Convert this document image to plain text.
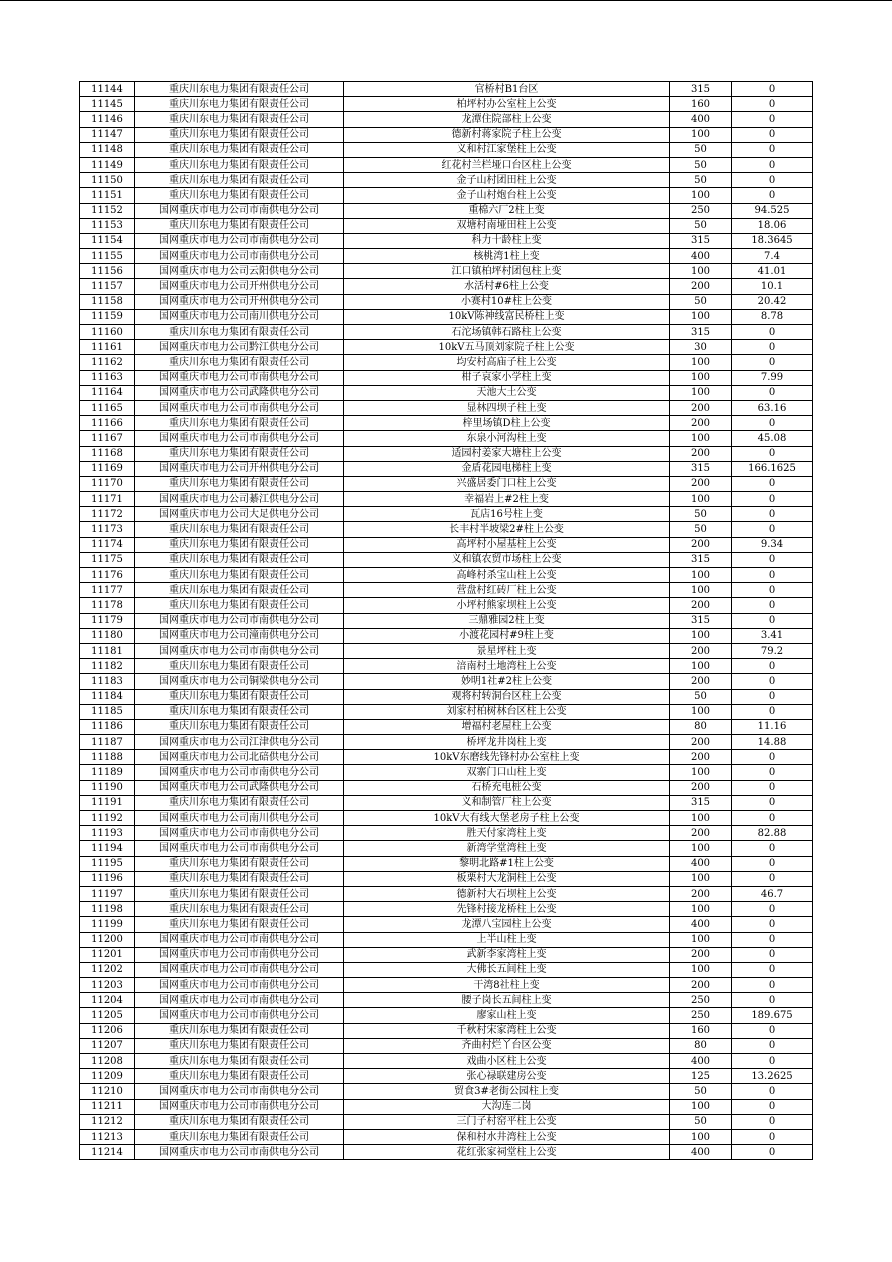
11144	重庆川东电力集团有限责任公司	官桥村B1台区	315	0
11145	重庆川东电力集团有限责任公司	柏坪村办公室柱上公变	160	0
11146	重庆川东电力集团有限责任公司	龙潭住院部柱上公变	400	0
11147	重庆川东电力集团有限责任公司	德新村蒋家院子柱上公变	100	0
11148	重庆川东电力集团有限责任公司	义和村江家堡柱上公变	50	0
11149	重庆川东电力集团有限责任公司	红花村兰栏垭口台区柱上公变	50	0
11150	重庆川东电力集团有限责任公司	金子山村团田柱上公变	50	0
11151	重庆川东电力集团有限责任公司	金子山村炮台柱上公变	100	0
11152	国网重庆市电力公司市南供电分公司	重棉六厂2柱上变	250	94.525
11153	重庆川东电力集团有限责任公司	双塘村南垭田柱上公变	50	18.06
11154	国网重庆市电力公司市南供电分公司	科力十龄柱上变	315	18.3645
11155	国网重庆市电力公司市南供电分公司	核桃湾1柱上变	400	7.4
11156	国网重庆市电力公司云阳供电分公司	江口镇柏坪村团包柱上变	100	41.01
11157	国网重庆市电力公司开州供电分公司	水活村#6柱上公变	200	10.1
11158	国网重庆市电力公司开州供电分公司	小赛村10#柱上公变	50	20.42
11159	国网重庆市电力公司南川供电分公司	10kV陈神线富民桥柱上变	100	8.78
11160	重庆川东电力集团有限责任公司	石沱场镇韩石路柱上公变	315	0
11161	国网重庆市电力公司黔江供电分公司	10kV五马顶刘家院子柱上公变	30	0
11162	重庆川东电力集团有限责任公司	均安村高庙子柱上公变	100	0
11163	国网重庆市电力公司市南供电分公司	柑子哀家小学柱上变	100	7.99
11164	国网重庆市电力公司武隆供电分公司	天池大土公变	100	0
11165	国网重庆市电力公司市南供电分公司	显林四坝子柱上变	200	63.16
11166	重庆川东电力集团有限责任公司	梓里场镇D柱上公变	200	0
11167	国网重庆市电力公司市南供电分公司	东泉小河沟柱上变	100	45.08
11168	重庆川东电力集团有限责任公司	适园村姜家大塘柱上公变	200	0
11169	国网重庆市电力公司开州供电分公司	金盾花园电梯柱上变	315	166.1625
11170	重庆川东电力集团有限责任公司	兴盛居委门口柱上公变	200	0
11171	国网重庆市电力公司綦江供电分公司	幸福岩上#2柱上变	100	0
11172	国网重庆市电力公司大足供电分公司	瓦店16号柱上变	50	0
11173	重庆川东电力集团有限责任公司	长丰村半坡梁2#柱上公变	50	0
11174	重庆川东电力集团有限责任公司	高坪村小屋基柱上公变	200	9.34
11175	重庆川东电力集团有限责任公司	义和镇农贸市场柱上公变	315	0
11176	重庆川东电力集团有限责任公司	高峰村杀宝山柱上公变	100	0
11177	重庆川东电力集团有限责任公司	营盘村红砖厂柱上公变	100	0
11178	重庆川东电力集团有限责任公司	小坪村熊家坝柱上公变	200	0
11179	国网重庆市电力公司市南供电分公司	三鼎雅园2柱上变	315	0
11180	国网重庆市电力公司潼南供电分公司	小渡花园村#9柱上变	100	3.41
11181	国网重庆市电力公司市南供电分公司	景星坪柱上变	200	79.2
11182	重庆川东电力集团有限责任公司	涪南村土地湾柱上公变	100	0
11183	国网重庆市电力公司铜梁供电分公司	妙明1社#2柱上公变	200	0
11184	重庆川东电力集团有限责任公司	观将村转洞台区柱上公变	50	0
11185	重庆川东电力集团有限责任公司	刘家村柏树林台区柱上公变	100	0
11186	重庆川东电力集团有限责任公司	增福村老屋柱上公变	80	11.16
11187	国网重庆市电力公司江津供电分公司	桥坪龙井岗柱上变	200	14.88
11188	国网重庆市电力公司北碚供电分公司	10kV东磨线先锋村办公室柱上变	200	0
11189	国网重庆市电力公司市南供电分公司	双寨门口山柱上变	100	0
11190	国网重庆市电力公司武隆供电分公司	石桥充电桩公变	200	0
11191	重庆川东电力集团有限责任公司	义和制管厂柱上公变	315	0
11192	国网重庆市电力公司南川供电分公司	10kV大有线大堡老房子柱上公变	100	0
11193	国网重庆市电力公司市南供电分公司	胜天付家湾柱上变	200	82.88
11194	国网重庆市电力公司市南供电分公司	新湾学堂湾柱上变	100	0
11195	重庆川东电力集团有限责任公司	黎明北路#1柱上公变	400	0
11196	重庆川东电力集团有限责任公司	板栗村大龙洞柱上公变	100	0
11197	重庆川东电力集团有限责任公司	德新村大石坝柱上公变	200	46.7
11198	重庆川东电力集团有限责任公司	先锋村接龙桥柱上公变	100	0
11199	重庆川东电力集团有限责任公司	龙潭八宝园柱上公变	400	0
11200	国网重庆市电力公司市南供电分公司	上半山柱上变	100	0
11201	国网重庆市电力公司市南供电分公司	武新李家湾柱上变	200	0
11202	国网重庆市电力公司市南供电分公司	大佛长五间柱上变	100	0
11203	国网重庆市电力公司市南供电分公司	干湾8社柱上变	200	0
11204	国网重庆市电力公司市南供电分公司	腰子岗长五间柱上变	250	0
11205	国网重庆市电力公司市南供电分公司	廖家山柱上变	250	189.675
11206	重庆川东电力集团有限责任公司	千秋村宋家湾柱上公变	160	0
11207	重庆川东电力集团有限责任公司	齐曲村烂丫台区公变	80	0
11208	重庆川东电力集团有限责任公司	戏曲小区柱上公变	400	0
11209	重庆川东电力集团有限责任公司	张心禄联建房公变	125	13.2625
11210	国网重庆市电力公司市南供电分公司	贸食3#老街公园柱上变	50	0
11211	国网重庆市电力公司市南供电分公司	大沟连二岗	100	0
11212	重庆川东电力集团有限责任公司	三门子村窑平柱上公变	50	0
11213	重庆川东电力集团有限责任公司	保和村水井湾柱上公变	100	0
11214	国网重庆市电力公司市南供电分公司	花红张家祠堂柱上公变	400	0
